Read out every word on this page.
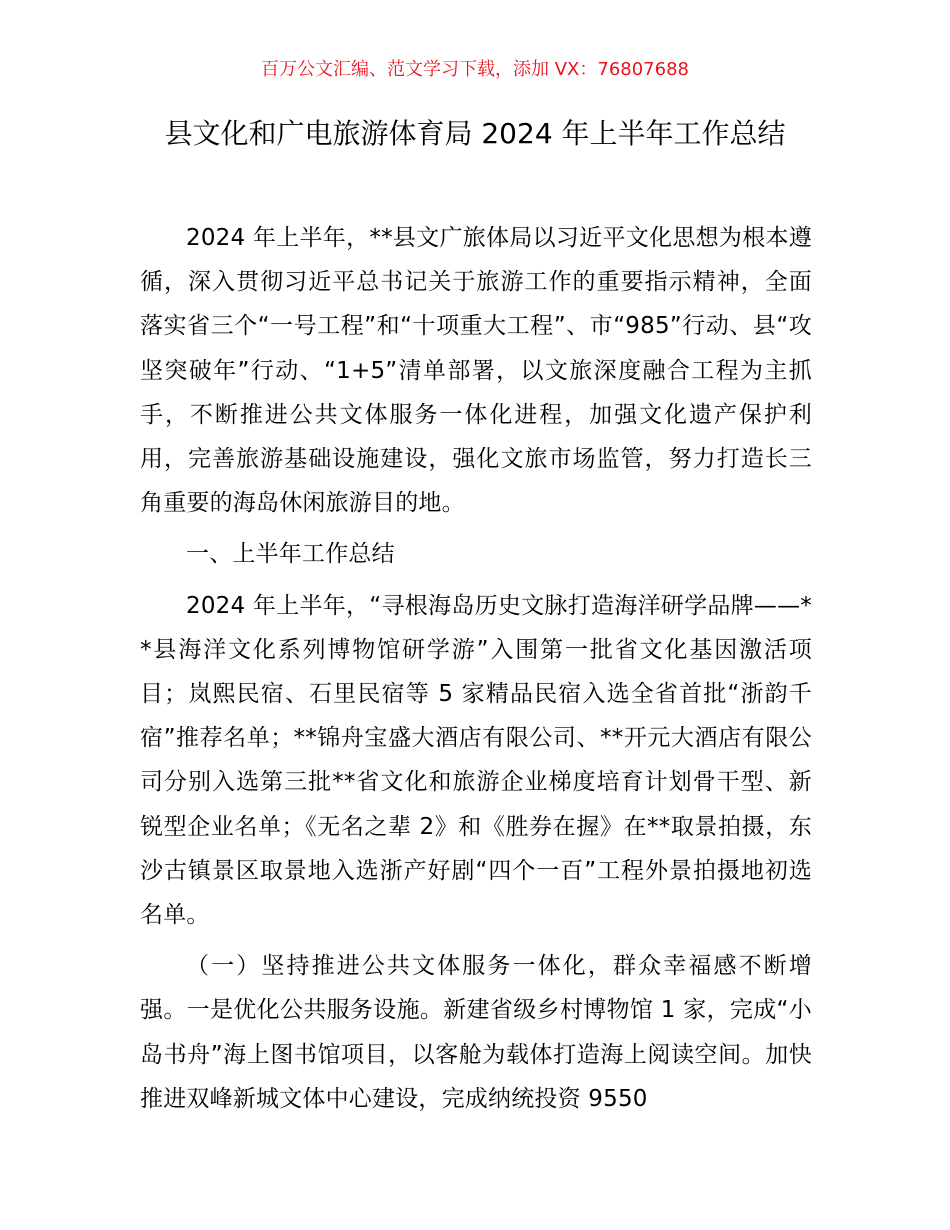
百万公文汇编、范文学习下载，添加 VX：76807688
县文化和广电旅游体育局 2024 年上半年工作总结

2024 年上半年，**县文广旅体局以习近平文化思想为根本遵循，深入贯彻习近平总书记关于旅游工作的重要指示精神，全面落实省三个“一号工程”和“十项重大工程”、市“985”行动、县“攻坚突破年”行动、“1+5”清单部署，以文旅深度融合工程为主抓手，不断推进公共文体服务一体化进程，加强文化遗产保护利用，完善旅游基础设施建设，强化文旅市场监管，努力打造长三角重要的海岛休闲旅游目的地。

一、上半年工作总结

2024 年上半年，“寻根海岛历史文脉打造海洋研学品牌——**县海洋文化系列博物馆研学游”入围第一批省文化基因激活项目；岚熙民宿、石里民宿等 5 家精品民宿入选全省首批“浙韵千宿”推荐名单；**锦舟宝盛大酒店有限公司、**开元大酒店有限公司分别入选第三批**省文化和旅游企业梯度培育计划骨干型、新锐型企业名单；《无名之辈 2》和《胜券在握》在**取景拍摄，东沙古镇景区取景地入选浙产好剧“四个一百”工程外景拍摄地初选名单。

（一）坚持推进公共文体服务一体化，群众幸福感不断增强。一是优化公共服务设施。新建省级乡村博物馆 1 家，完成“小岛书舟”海上图书馆项目，以客舱为载体打造海上阅读空间。加快推进双峰新城文体中心建设，完成纳统投资 9550
